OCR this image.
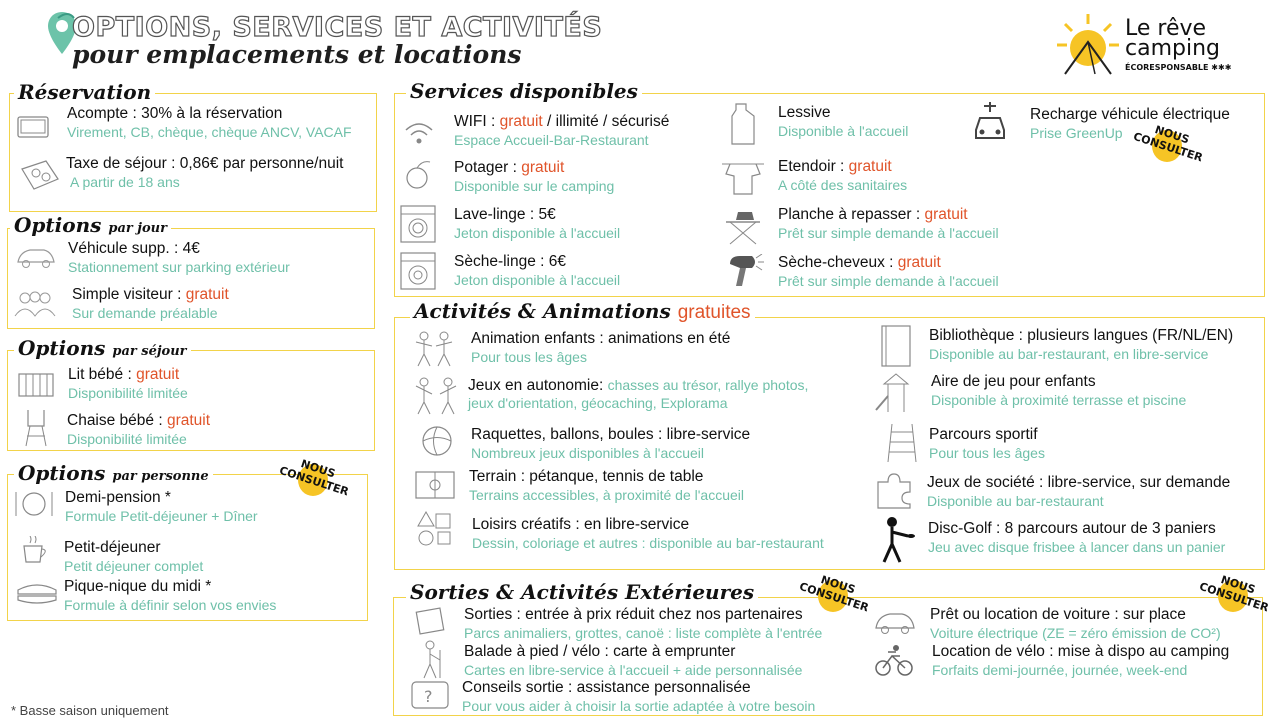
OPTIONS, SERVICES ET ACTIVITÉS
pour emplacements et locations
Le rêve
camping
ÉCORESPONSABLE ✱✱✱
Réservation
Acompte : 30% à la réservation
Virement, CB, chèque, chèque ANCV, VACAF
Taxe de séjour : 0,86€ par personne/nuit
A partir de 18 ans
Options par jour
Véhicule supp. : 4€
Stationnement sur parking extérieur
Simple visiteur : gratuit
Sur demande préalable
Options par séjour
Lit bébé : gratuit
Disponibilité limitée
Chaise bébé : gratuit
Disponibilité limitée
Options par personne	NOUS CONSULTER
Demi-pension *
Formule Petit-déjeuner + Dîner
Petit-déjeuner
Petit déjeuner complet
Pique-nique du midi *
Formule à définir selon vos envies
Services disponibles
WIFI : gratuit / illimité / sécurisé
Espace Accueil-Bar-Restaurant
Potager : gratuit
Disponible sur le camping
Lave-linge : 5€
Jeton disponible à l'accueil
Sèche-linge : 6€
Jeton disponible à l'accueil
Lessive
Disponible à l'accueil
Etendoir : gratuit
A côté des sanitaires
Planche à repasser : gratuit
Prêt sur simple demande à l'accueil
Sèche-cheveux : gratuit
Prêt sur simple demande à l'accueil
Recharge véhicule électrique
Prise GreenUp	NOUS CONSULTER
Activités & Animations gratuites
Animation enfants : animations en été
Pour tous les âges
Jeux en autonomie: chasses au trésor, rallye photos,
jeux d'orientation, géocaching, Explorama
Raquettes, ballons, boules : libre-service
Nombreux jeux disponibles à l'accueil
Terrain : pétanque, tennis de table
Terrains accessibles, à proximité de l'accueil
Loisirs créatifs : en libre-service
Dessin, coloriage et autres : disponible au bar-restaurant
Bibliothèque : plusieurs langues (FR/NL/EN)
Disponible au bar-restaurant, en libre-service
Aire de jeu pour enfants
Disponible à proximité terrasse et piscine
Parcours sportif
Pour tous les âges
Jeux de société : libre-service, sur demande
Disponible au bar-restaurant
Disc-Golf : 8 parcours autour de 3 paniers
Jeu avec disque frisbee à lancer dans un panier
Sorties & Activités Extérieures	NOUS CONSULTER	NOUS CONSULTER
Sorties : entrée à prix réduit chez nos partenaires
Parcs animaliers, grottes, canoë : liste complète à l'entrée
Balade à pied / vélo : carte à emprunter
Cartes en libre-service à l'accueil + aide personnalisée
? Conseils sortie : assistance personnalisée
Pour vous aider à choisir la sortie adaptée à votre besoin
Prêt ou location de voiture : sur place
Voiture électrique (ZE = zéro émission de CO²)
Location de vélo : mise à dispo au camping
Forfaits demi-journée, journée, week-end
* Basse saison uniquement
